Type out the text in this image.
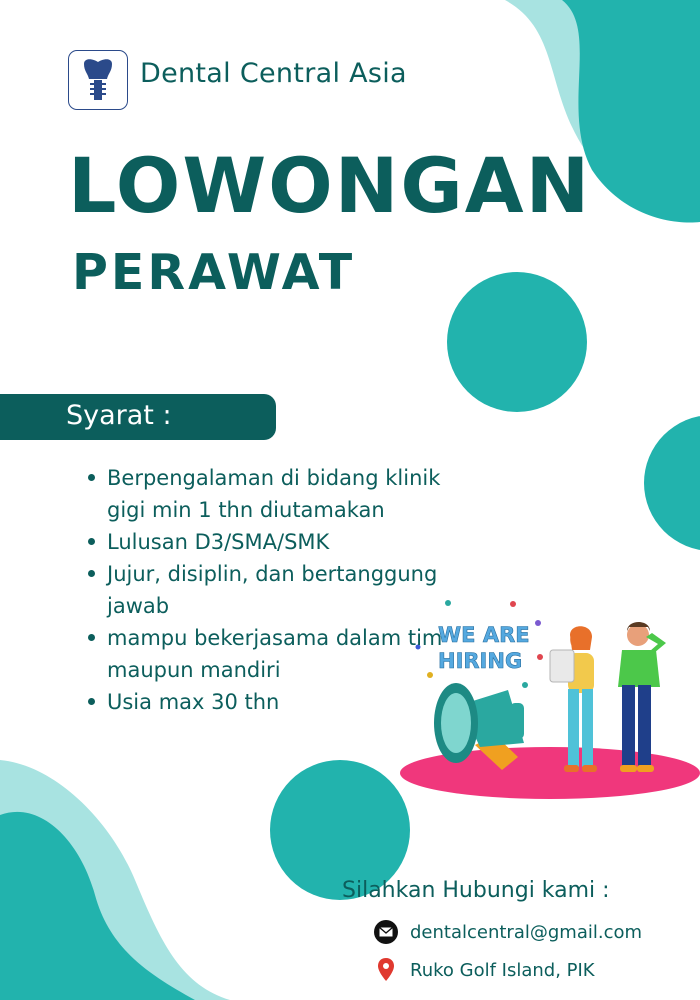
WE ARE
HIRING
Dental Central Asia
LOWONGAN
PERAWAT
Syarat :
Berpengalaman di bidang klinik gigi min 1 thn diutamakan
Lulusan D3/SMA/SMK
Jujur, disiplin, dan bertanggung jawab
mampu bekerjasama dalam tim maupun mandiri
Usia max 30 thn
Silahkan Hubungi kami :
dentalcentral@gmail.com
Ruko Golf Island, PIK
